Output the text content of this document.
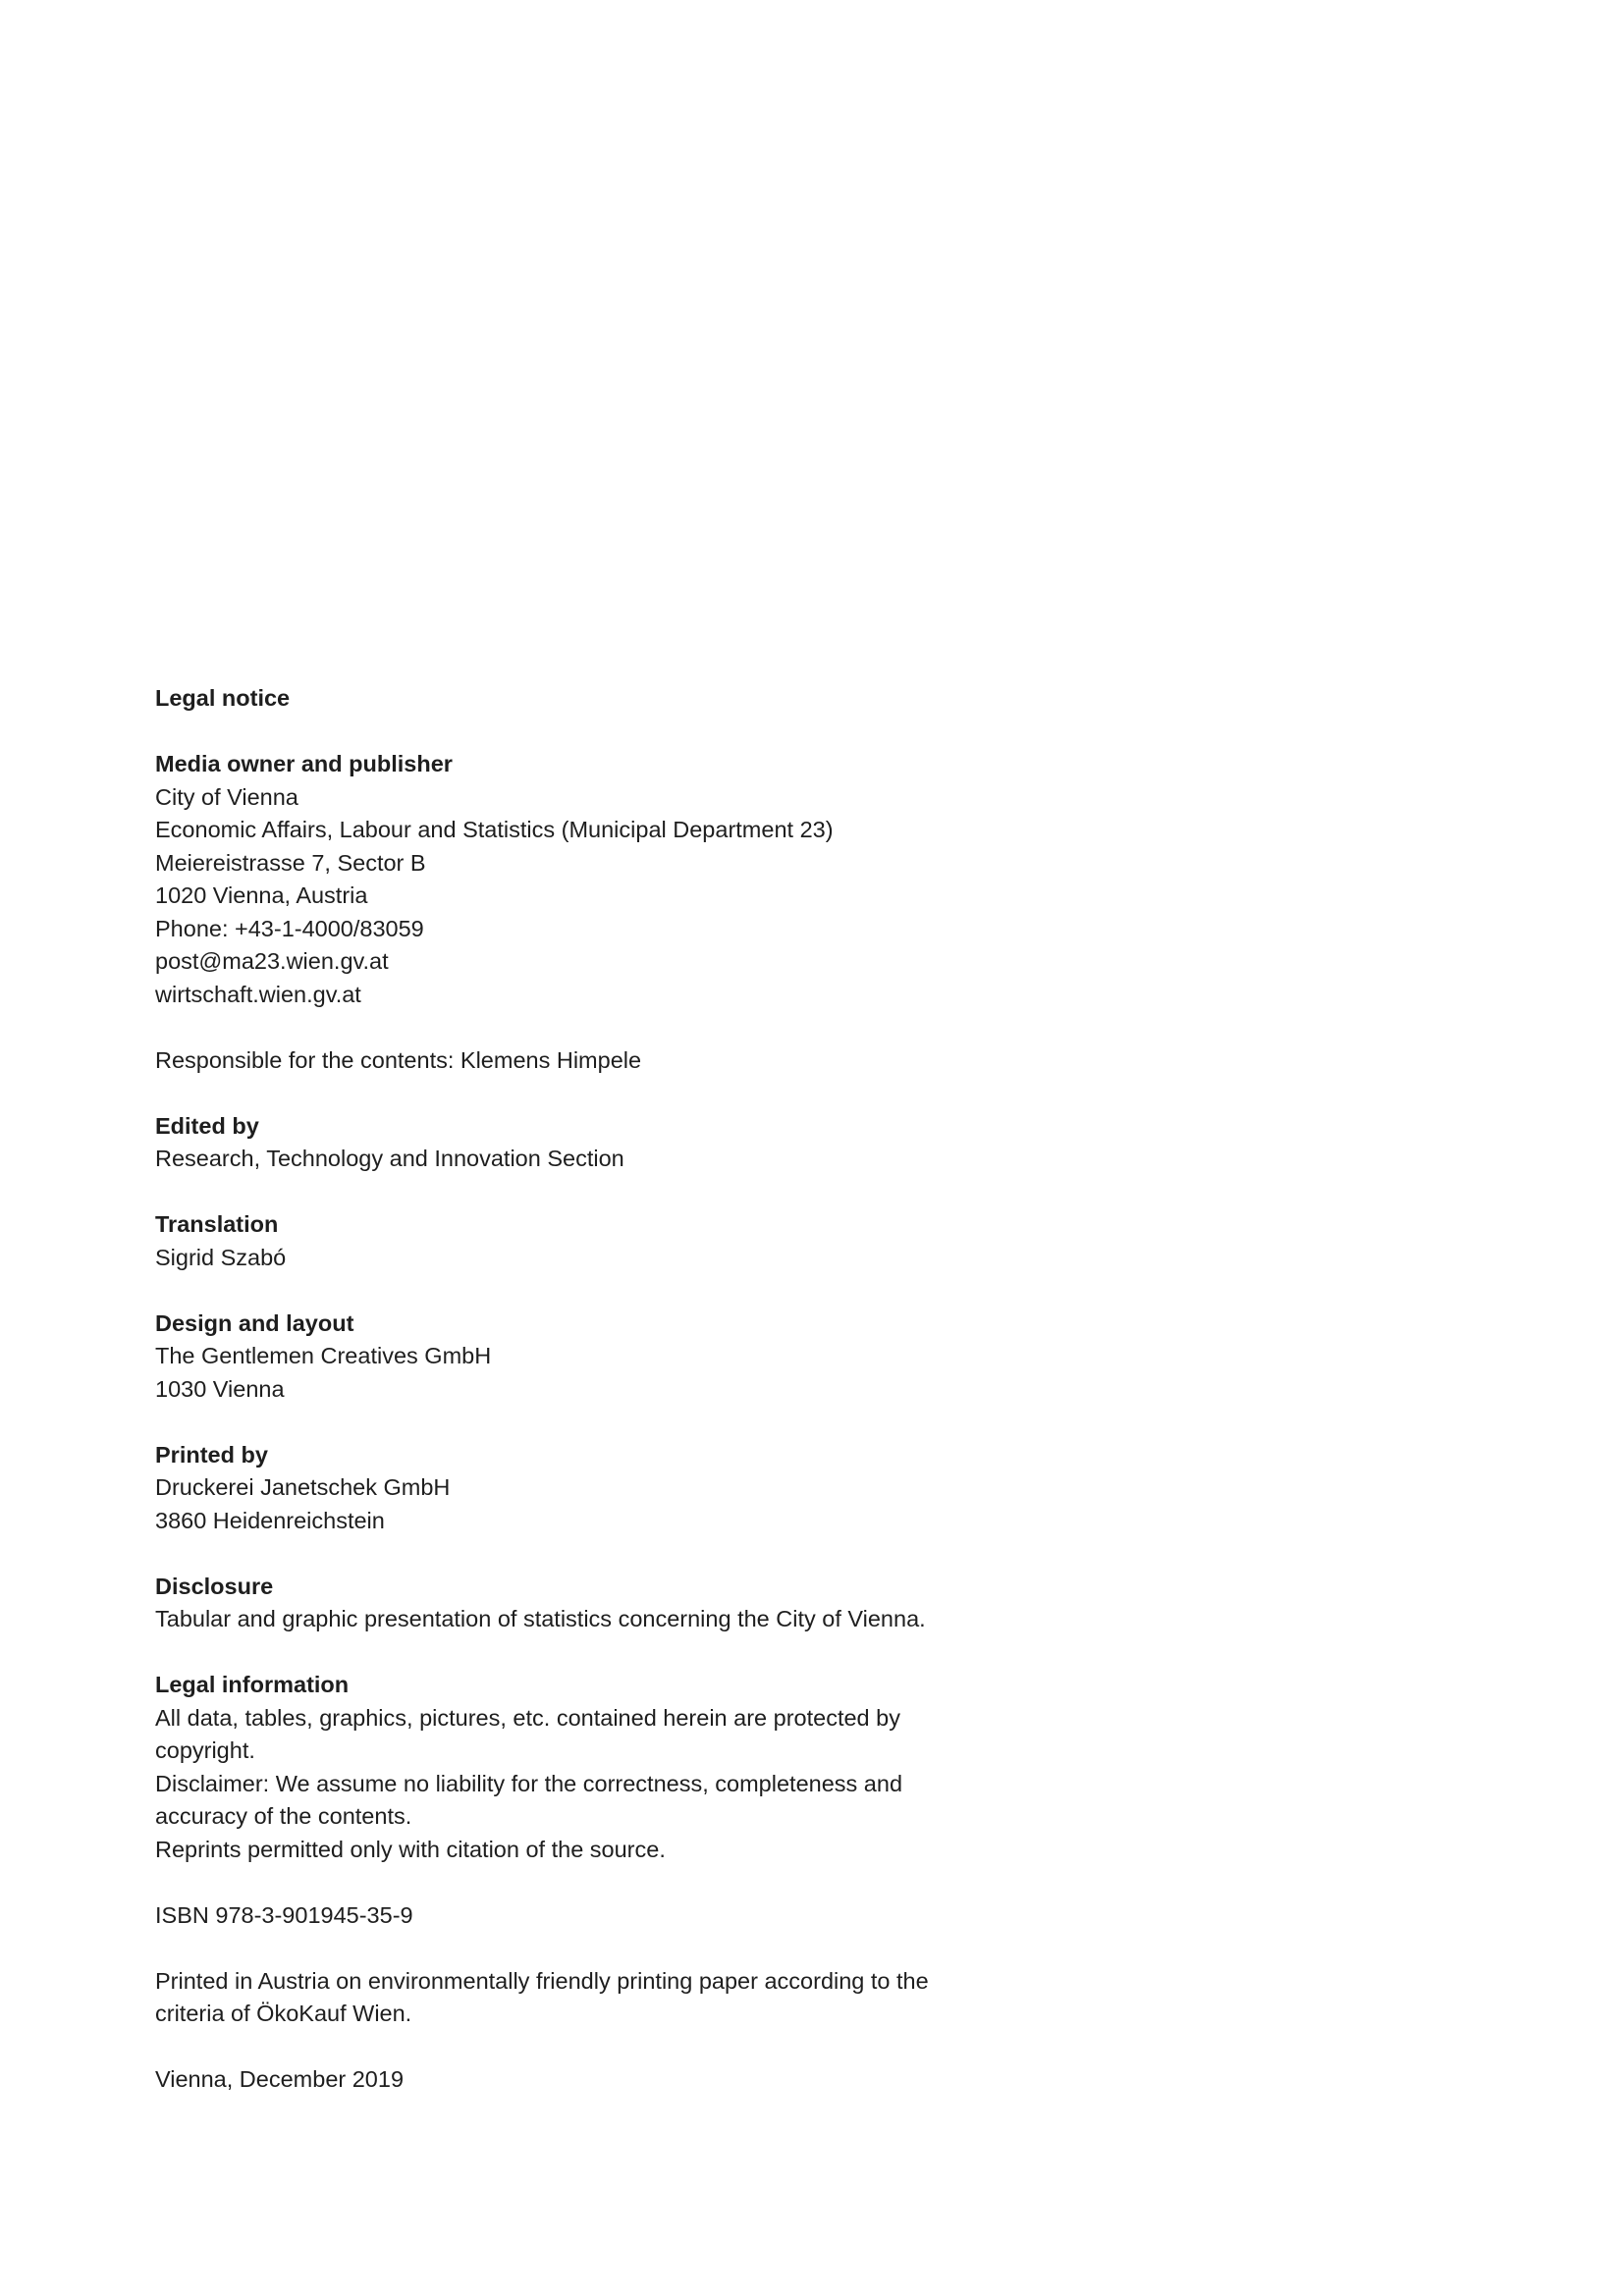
Legal notice
Media owner and publisher
City of Vienna
Economic Affairs, Labour and Statistics (Municipal Department 23)
Meiereistrasse 7, Sector B
1020 Vienna, Austria
Phone: +43-1-4000/83059
post@ma23.wien.gv.at
wirtschaft.wien.gv.at
Responsible for the contents: Klemens Himpele
Edited by
Research, Technology and Innovation Section
Translation
Sigrid Szabó
Design and layout
The Gentlemen Creatives GmbH
1030 Vienna
Printed by
Druckerei Janetschek GmbH
3860 Heidenreichstein
Disclosure
Tabular and graphic presentation of statistics concerning the City of Vienna.
Legal information
All data, tables, graphics, pictures, etc. contained herein are protected by copyright.
Disclaimer: We assume no liability for the correctness, completeness and accuracy of the contents.
Reprints permitted only with citation of the source.
ISBN 978-3-901945-35-9
Printed in Austria on environmentally friendly printing paper according to the criteria of ÖkoKauf Wien.
Vienna, December 2019
